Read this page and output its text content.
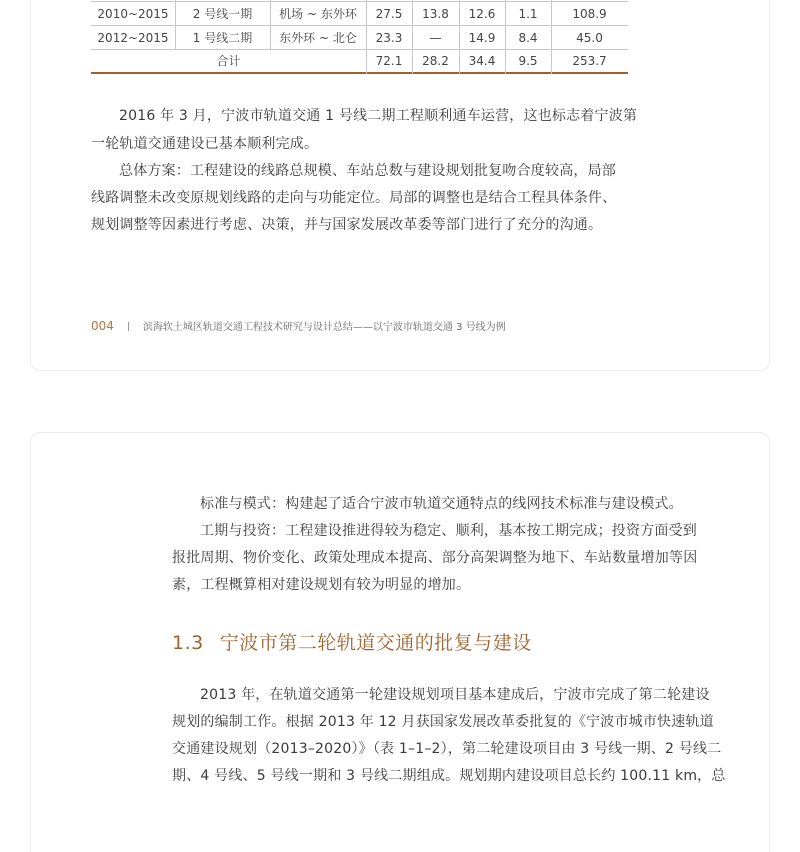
2010~2015	2 号线一期	机场 ~ 东外环	27.5	13.8	12.6	1.1	108.9
2012~2015	1 号线二期	东外环 ~ 北仑	23.3	—	14.9	8.4	45.0
合计	72.1	28.2	34.4	9.5	253.7

2016 年 3 月，宁波市轨道交通 1 号线二期工程顺利通车运营，这也标志着宁波第

一轮轨道交通建设已基本顺利完成。

总体方案：工程建设的线路总规模、车站总数与建设规划批复吻合度较高，局部

线路调整未改变原规划线路的走向与功能定位。局部的调整也是结合工程具体条件、

规划调整等因素进行考虑、决策，并与国家发展改革委等部门进行了充分的沟通。

004	滨海软土城区轨道交通工程技术研究与设计总结——以宁波市轨道交通 3 号线为例

标准与模式：构建起了适合宁波市轨道交通特点的线网技术标准与建设模式。

工期与投资：工程建设推进得较为稳定、顺利，基本按工期完成；投资方面受到

报批周期、物价变化、政策处理成本提高、部分高架调整为地下、车站数量增加等因

素，工程概算相对建设规划有较为明显的增加。

1.3 宁波市第二轮轨道交通的批复与建设

2013 年，在轨道交通第一轮建设规划项目基本建成后，宁波市完成了第二轮建设

规划的编制工作。根据 2013 年 12 月获国家发展改革委批复的《宁波市城市快速轨道

交通建设规划（2013–2020）》（表 1–1–2），第二轮建设项目由 3 号线一期、2 号线二

期、4 号线、5 号线一期和 3 号线二期组成。规划期内建设项目总长约 100.11 km，总
